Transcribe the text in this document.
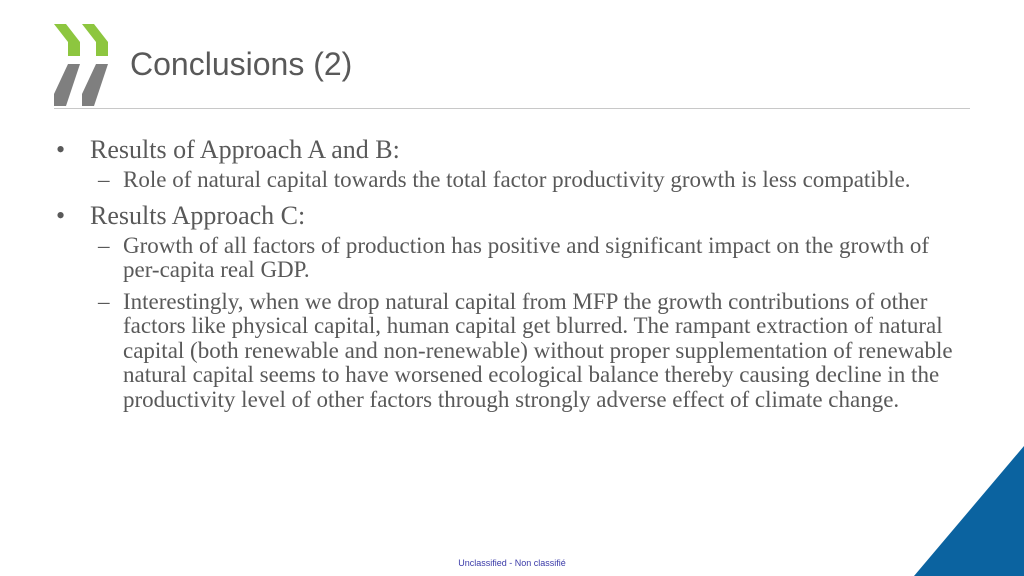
Conclusions (2)
• Results of Approach A and B:
– Role of natural capital towards the total factor productivity growth is less compatible.
• Results Approach C:
– Growth of all factors of production has positive and significant impact on the growth of per-capita real GDP.
– Interestingly, when we drop natural capital from MFP the growth contributions of other factors like physical capital, human capital get blurred. The rampant extraction of natural capital (both renewable and non-renewable) without proper supplementation of renewable natural capital seems to have worsened ecological balance thereby causing decline in the productivity level of other factors through strongly adverse effect of climate change.
Unclassified - Non classifié
